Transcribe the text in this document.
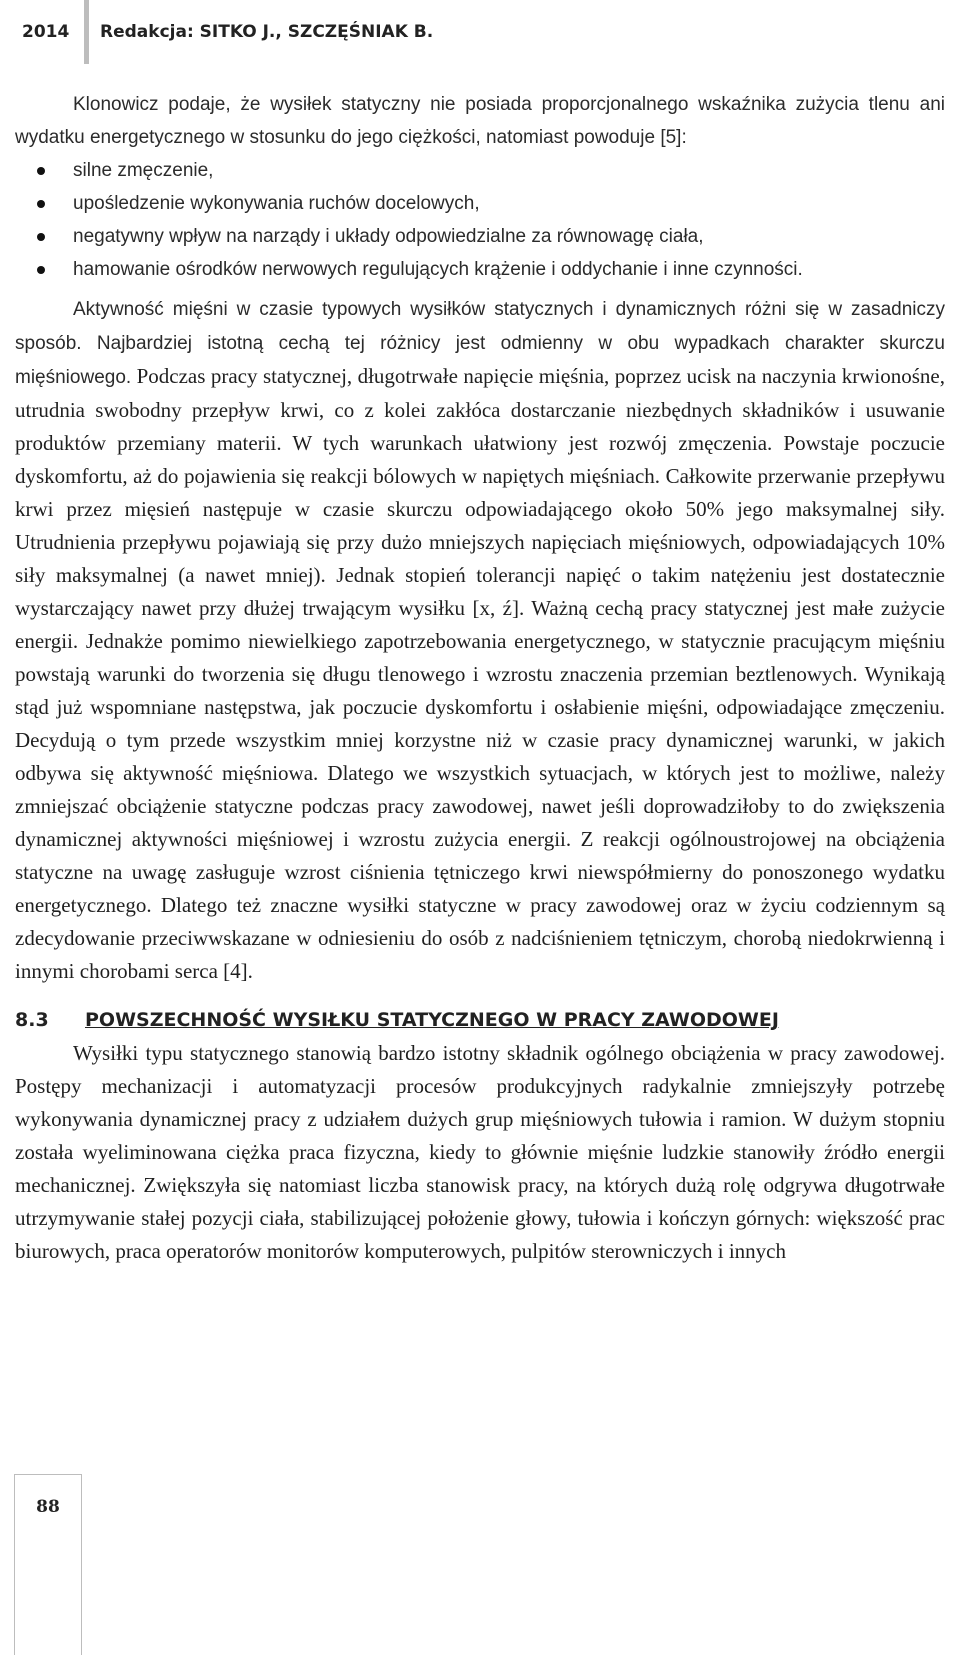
2014 Redakcja: SITKO J., SZCZĘŚNIAK B.

Klonowicz podaje, że wysiłek statyczny nie posiada proporcjonalnego wskaźnika zużycia tlenu ani wydatku energetycznego w stosunku do jego ciężkości, natomiast powoduje [5]:

silne zmęczenie,
upośledzenie wykonywania ruchów docelowych,
negatywny wpływ na narządy i układy odpowiedzialne za równowagę ciała,
hamowanie ośrodków nerwowych regulujących krążenie i oddychanie i inne czynności.

Aktywność mięśni w czasie typowych wysiłków statycznych i dynamicznych różni się w zasadniczy sposób. Najbardziej istotną cechą tej różnicy jest odmienny w obu wypadkach charakter skurczu mięśniowego. Podczas pracy statycznej, długotrwałe napięcie mięśnia, poprzez ucisk na naczynia krwionośne, utrudnia swobodny przepływ krwi, co z kolei zakłóca dostarczanie niezbędnych składników i usuwanie produktów przemiany materii. W tych warunkach ułatwiony jest rozwój zmęczenia. Powstaje poczucie dyskomfortu, aż do pojawienia się reakcji bólowych w napiętych mięśniach. Całkowite przerwanie przepływu krwi przez mięsień następuje w czasie skurczu odpowiadającego około 50% jego maksymalnej siły. Utrudnienia przepływu pojawiają się przy dużo mniejszych napięciach mięśniowych, odpowiadających 10% siły maksymalnej (a nawet mniej). Jednak stopień tolerancji napięć o takim natężeniu jest dostatecznie wystarczający nawet przy dłużej trwającym wysiłku [x, ź]. Ważną cechą pracy statycznej jest małe zużycie energii. Jednakże pomimo niewielkiego zapotrzebowania energetycznego, w statycznie pracującym mięśniu powstają warunki do tworzenia się długu tlenowego i wzrostu znaczenia przemian beztlenowych. Wynikają stąd już wspomniane następstwa, jak poczucie dyskomfortu i osłabienie mięśni, odpowiadające zmęczeniu. Decydują o tym przede wszystkim mniej korzystne niż w czasie pracy dynamicznej warunki, w jakich odbywa się aktywność mięśniowa. Dlatego we wszystkich sytuacjach, w których jest to możliwe, należy zmniejszać obciążenie statyczne podczas pracy zawodowej, nawet jeśli doprowadziłoby to do zwiększenia dynamicznej aktywności mięśniowej i wzrostu zużycia energii. Z reakcji ogólnoustrojowej na obciążenia statyczne na uwagę zasługuje wzrost ciśnienia tętniczego krwi niewspółmierny do ponoszonego wydatku energetycznego. Dlatego też znaczne wysiłki statyczne w pracy zawodowej oraz w życiu codziennym są zdecydowanie przeciwwskazane w odniesieniu do osób z nadciśnieniem tętniczym, chorobą niedokrwienną i innymi chorobami serca [4].

8.3 POWSZECHNOŚĆ WYSIŁKU STATYCZNEGO W PRACY ZAWODOWEJ

Wysiłki typu statycznego stanowią bardzo istotny składnik ogólnego obciążenia w pracy zawodowej. Postępy mechanizacji i automatyzacji procesów produkcyjnych radykalnie zmniejszyły potrzebę wykonywania dynamicznej pracy z udziałem dużych grup mięśniowych tułowia i ramion. W dużym stopniu została wyeliminowana ciężka praca fizyczna, kiedy to głównie mięśnie ludzkie stanowiły źródło energii mechanicznej. Zwiększyła się natomiast liczba stanowisk pracy, na których dużą rolę odgrywa długotrwałe utrzymywanie stałej pozycji ciała, stabilizującej położenie głowy, tułowia i kończyn górnych: większość prac biurowych, praca operatorów monitorów komputerowych, pulpitów sterowniczych i innych

88
